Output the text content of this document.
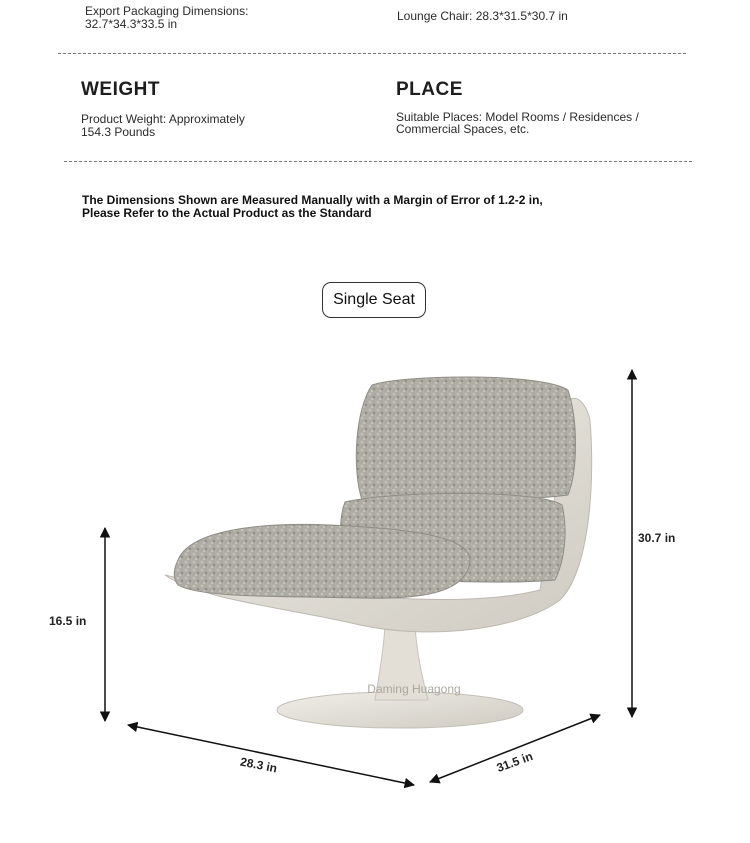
Export Packaging Dimensions:
32.7*34.3*33.5 in
Lounge Chair: 28.3*31.5*30.7 in
WEIGHT
Product Weight: Approximately
154.3 Pounds
PLACE
Suitable Places: Model Rooms / Residences /
Commercial Spaces, etc.
The Dimensions Shown are Measured Manually with a Margin of Error of 1.2-2 in,
Please Refer to the Actual Product as the Standard
Single Seat
Daming Huagong
30.7 in
16.5 in
28.3 in	31.5 in
